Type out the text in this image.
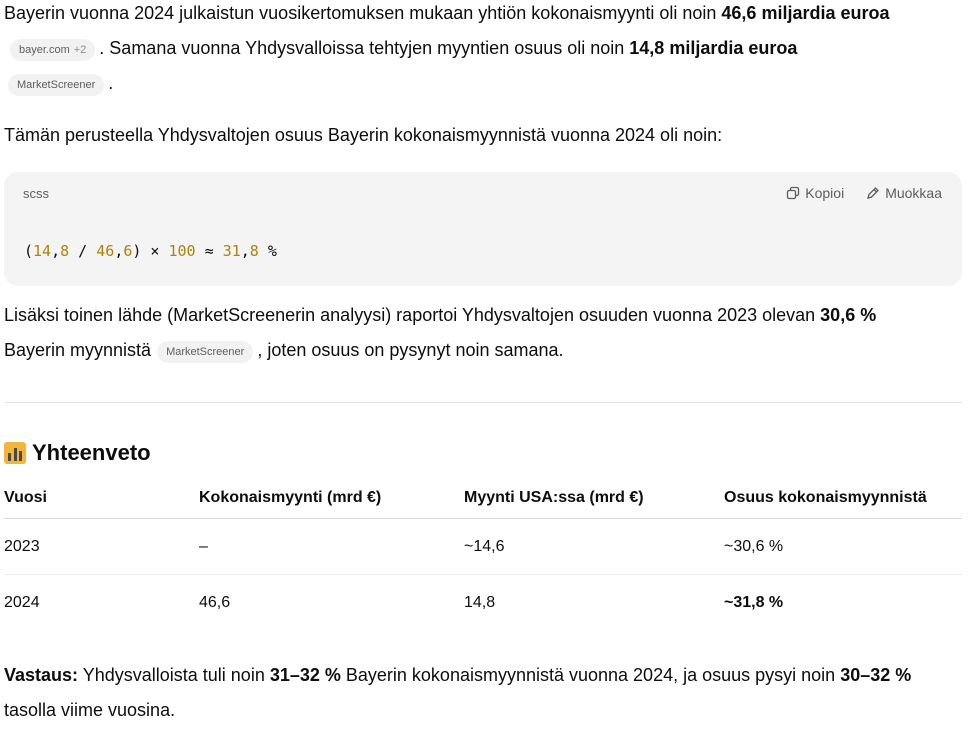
Bayerin vuonna 2024 julkaistun vuosikertomuksen mukaan yhtiön kokonaismyynti oli noin 46,6 miljardia euroabayer.com +2 . Samana vuonna Yhdysvalloissa tehtyjen myyntien osuus oli noin 14,8 miljardia euroa
MarketScreener .

Tämän perusteella Yhdysvaltojen osuus Bayerin kokonaismyynnistä vuonna 2024 oli noin:

scss	Kopioi	Muokkaa
(14,8 / 46,6) × 100 ≈ 31,8 %

Lisäksi toinen lähde (MarketScreenerin analyysi) raportoi Yhdysvaltojen osuuden vuonna 2023 olevan 30,6 %
Bayerin myynnistä MarketScreener , joten osuus on pysynyt noin samana.

Yhteenveto
Vuosi	Kokonaismyynti (mrd €)	Myynti USA:ssa (mrd €)	Osuus kokonaismyynnistä
2023	–	~14,6	~30,6 %
2024	46,6	14,8	~31,8 %

Vastaus: Yhdysvalloista tuli noin 31–32 % Bayerin kokonaismyynnistä vuonna 2024, ja osuus pysyi noin 30–32 % tasolla viime vuosina.
